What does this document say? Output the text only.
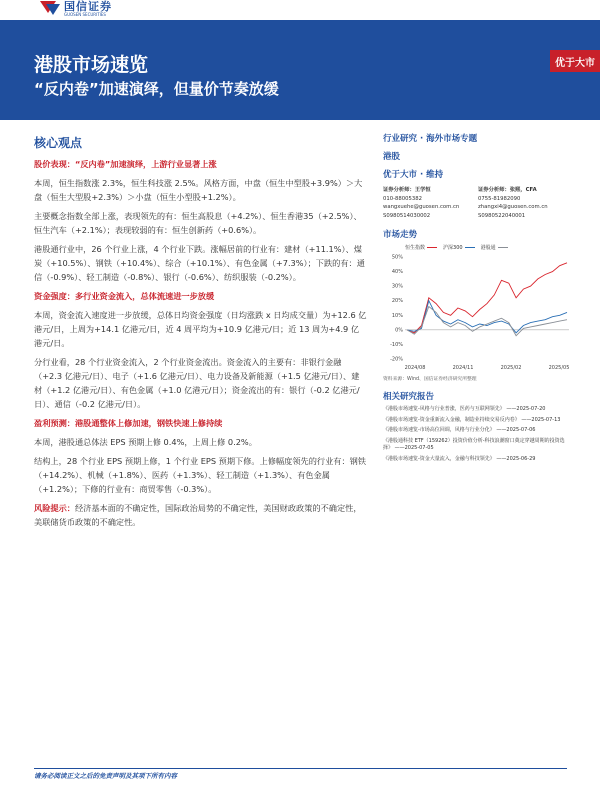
国信证券
GUOSEN SECURITIES
港股市场速览
“反内卷”加速演绎，但量价节奏放缓
优于大市
核心观点
股价表现：“反内卷”加速演绎，上游行业显著上涨
本周，恒生指数涨 2.3%，恒生科技涨 2.5%。风格方面，中盘（恒生中型股+3.9%）＞大盘（恒生大型股+2.3%）＞小盘（恒生小型股+1.2%）。
主要概念指数全部上涨，表现领先的有：恒生高股息（+4.2%）、恒生香港35（+2.5%）、恒生汽车（+2.1%）；表现较弱的有：恒生创新药（+0.6%）。
港股通行业中，26 个行业上涨，4 个行业下跌。涨幅居前的行业有：建材（+11.1%）、煤炭（+10.5%）、钢铁（+10.4%）、综合（+10.1%）、有色金属（+7.3%）；下跌的有：通信（-0.9%）、轻工制造（-0.8%）、银行（-0.6%）、纺织服装（-0.2%）。
资金强度：多行业资金流入，总体流速进一步放缓
本周，资金流入速度进一步放缓，总体日均资金强度（日均涨跌 x 日均成交量）为+12.6 亿港元/日，上周为+14.1 亿港元/日，近 4 周平均为+10.9 亿港元/日；近 13 周为+4.9 亿港元/日。
分行业看，28 个行业资金流入，2 个行业资金流出。资金流入的主要有：非银行金融（+2.3 亿港元/日）、电子（+1.6 亿港元/日）、电力设备及新能源（+1.5 亿港元/日）、建材（+1.2 亿港元/日）、有色金属（+1.0 亿港元/日）；资金流出的有：银行（-0.2 亿港元/日）、通信（-0.2 亿港元/日）。
盈利预测：港股通整体上修加速，钢铁快速上修持续
本周，港股通总体法 EPS 预期上修 0.4%，上周上修 0.2%。
结构上，28 个行业 EPS 预期上修，1 个行业 EPS 预期下修。上修幅度领先的行业有：钢铁（+14.2%）、机械（+1.8%）、医药（+1.3%）、轻工制造（+1.3%）、有色金属（+1.2%）；下修的行业有：商贸零售（-0.3%）。
风险提示：经济基本面的不确定性，国际政治局势的不确定性，美国财政政策的不确定性，美联储货币政策的不确定性。
行业研究 · 海外市场专题
港股
优于大市 · 维持
证券分析师：王学恒
010-88005382
wangxuehe@guosen.com.cn
S0980514030002
证券分析师：张熙，CFA
0755-81982090
zhangxi4@guosen.com.cn
S0980522040001
市场走势
恒生指数	沪深300	港股通
50%
40%
30%
20%
10%
0%
-10%
-20%
2024/08	2024/11	2025/02	2025/05
资料来源：Wind、国信证券经济研究所整理
相关研究报告
《港股市场速览-风格与行业普涨，医药与互联网领先》 ——2025-07-20
《港股市场速览-资金重新流入金融，制造业持续交易反内卷》 ——2025-07-13
《港股市场速览-市场高位回调，风格与行业分化》 ——2025-07-06
《港股通科技 ETF（159262）投资价值分析-科技浪潮窗口奠定穿越周期的投资选择》 ——2025-07-05
《港股市场速览-资金大量流入，金融与科技领先》 ——2025-06-29
请务必阅读正文之后的免责声明及其项下所有内容
